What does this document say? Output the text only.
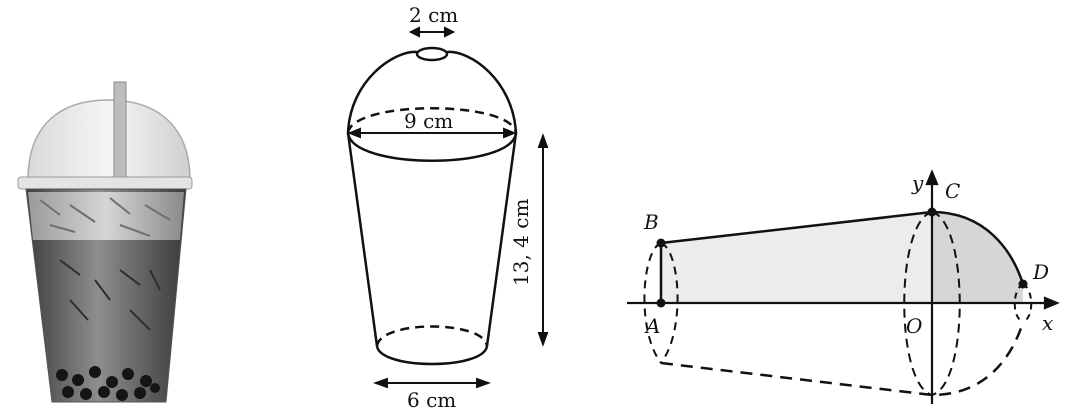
2 cm
9 cm
13, 4 cm
6 cm
y
x
A
B
C
D
O
